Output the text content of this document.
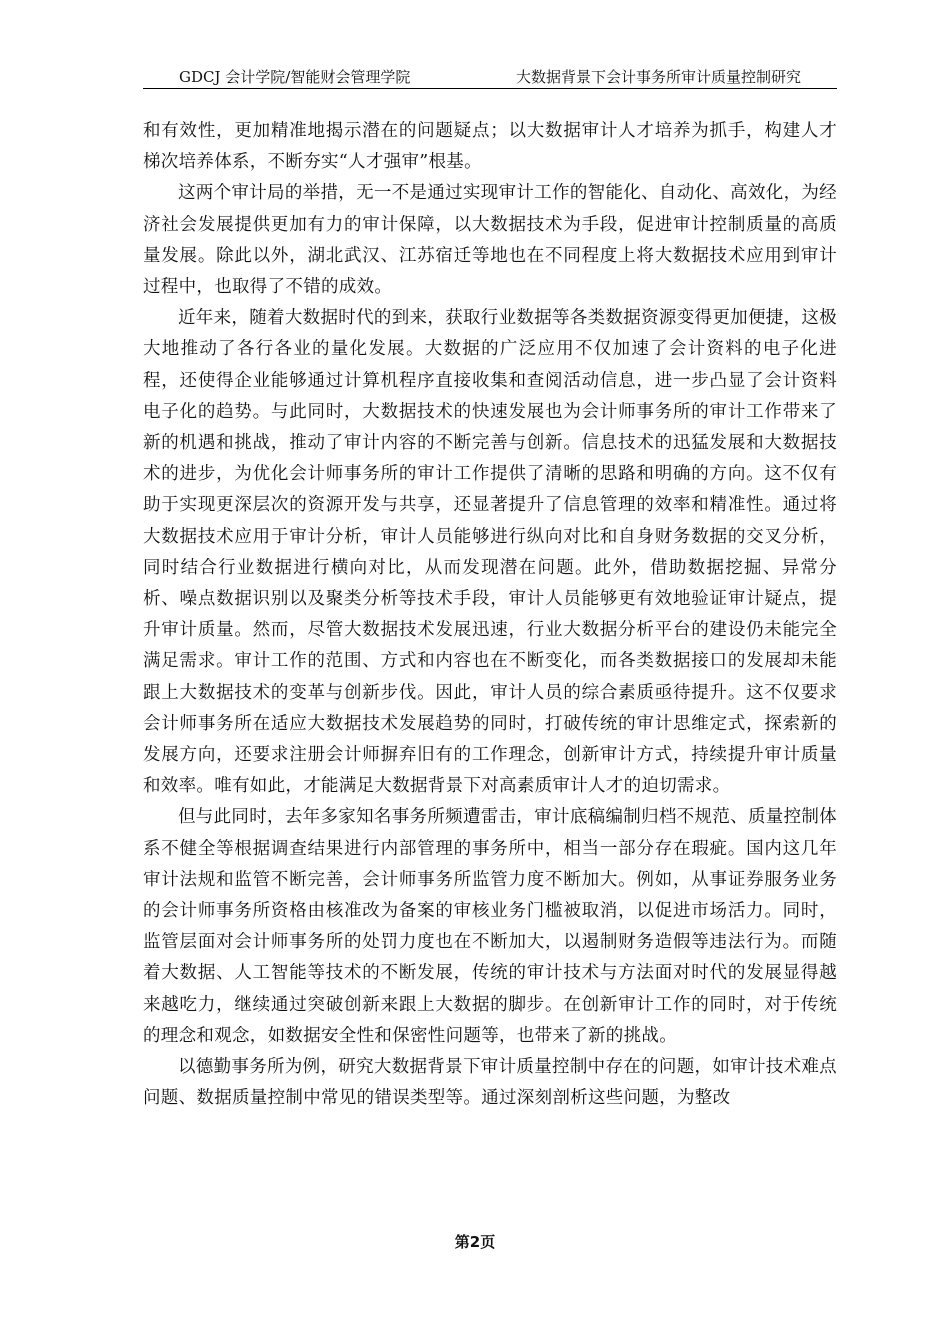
GDCJ 会计学院/智能财会管理学院	大数据背景下会计事务所审计质量控制研究

和有效性，更加精准地揭示潜在的问题疑点；以大数据审计人才培养为抓手，构建人才梯次培养体系，不断夯实“人才强审”根基。

这两个审计局的举措，无一不是通过实现审计工作的智能化、自动化、高效化，为经济社会发展提供更加有力的审计保障，以大数据技术为手段，促进审计控制质量的高质量发展。除此以外，湖北武汉、江苏宿迁等地也在不同程度上将大数据技术应用到审计过程中，也取得了不错的成效。

近年来，随着大数据时代的到来，获取行业数据等各类数据资源变得更加便捷，这极大地推动了各行各业的量化发展。大数据的广泛应用不仅加速了会计资料的电子化进程，还使得企业能够通过计算机程序直接收集和查阅活动信息，进一步凸显了会计资料电子化的趋势。与此同时，大数据技术的快速发展也为会计师事务所的审计工作带来了新的机遇和挑战，推动了审计内容的不断完善与创新。信息技术的迅猛发展和大数据技术的进步，为优化会计师事务所的审计工作提供了清晰的思路和明确的方向。这不仅有助于实现更深层次的资源开发与共享，还显著提升了信息管理的效率和精准性。通过将大数据技术应用于审计分析，审计人员能够进行纵向对比和自身财务数据的交叉分析，同时结合行业数据进行横向对比，从而发现潜在问题。此外，借助数据挖掘、异常分析、噪点数据识别以及聚类分析等技术手段，审计人员能够更有效地验证审计疑点，提升审计质量。然而，尽管大数据技术发展迅速，行业大数据分析平台的建设仍未能完全满足需求。审计工作的范围、方式和内容也在不断变化，而各类数据接口的发展却未能跟上大数据技术的变革与创新步伐。因此，审计人员的综合素质亟待提升。这不仅要求会计师事务所在适应大数据技术发展趋势的同时，打破传统的审计思维定式，探索新的发展方向，还要求注册会计师摒弃旧有的工作理念，创新审计方式，持续提升审计质量和效率。唯有如此，才能满足大数据背景下对高素质审计人才的迫切需求。

但与此同时，去年多家知名事务所频遭雷击，审计底稿编制归档不规范、质量控制体系不健全等根据调查结果进行内部管理的事务所中，相当一部分存在瑕疵。国内这几年审计法规和监管不断完善，会计师事务所监管力度不断加大。例如，从事证券服务业务的会计师事务所资格由核准改为备案的审核业务门槛被取消，以促进市场活力。同时，监管层面对会计师事务所的处罚力度也在不断加大，以遏制财务造假等违法行为。而随着大数据、人工智能等技术的不断发展，传统的审计技术与方法面对时代的发展显得越来越吃力，继续通过突破创新来跟上大数据的脚步。在创新审计工作的同时，对于传统的理念和观念，如数据安全性和保密性问题等，也带来了新的挑战。

以德勤事务所为例，研究大数据背景下审计质量控制中存在的问题，如审计技术难点问题、数据质量控制中常见的错误类型等。通过深刻剖析这些问题，为整改

第2页
